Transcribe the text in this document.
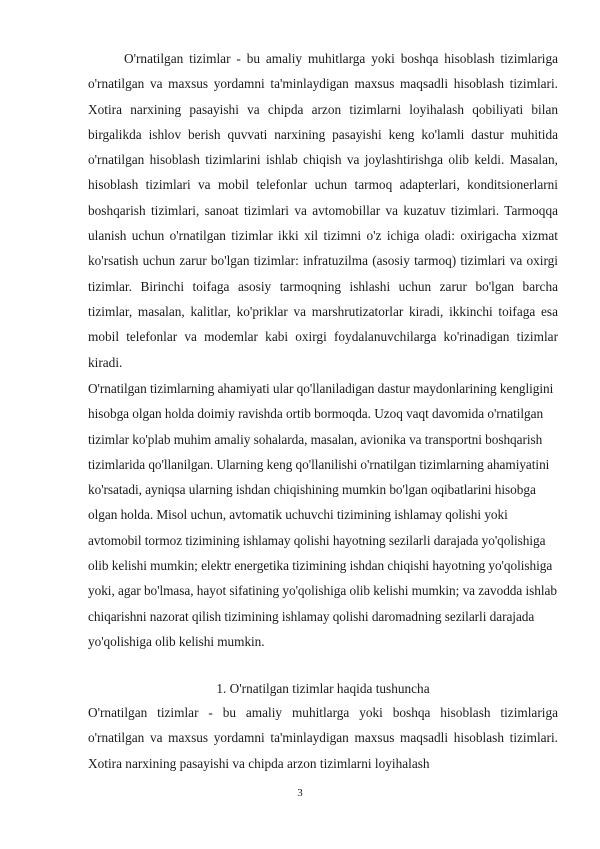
O'rnatilgan tizimlar - bu amaliy muhitlarga yoki boshqa hisoblash tizimlariga o'rnatilgan va maxsus yordamni ta'minlaydigan maxsus maqsadli hisoblash tizimlari. Xotira narxining pasayishi va chipda arzon tizimlarni loyihalash qobiliyati bilan birgalikda ishlov berish quvvati narxining pasayishi keng ko'lamli dastur muhitida o'rnatilgan hisoblash tizimlarini ishlab chiqish va joylashtirishga olib keldi. Masalan, hisoblash tizimlari va mobil telefonlar uchun tarmoq adapterlari, konditsionerlarni boshqarish tizimlari, sanoat tizimlari va avtomobillar va kuzatuv tizimlari. Tarmoqqa ulanish uchun o'rnatilgan tizimlar ikki xil tizimni o'z ichiga oladi: oxirigacha xizmat ko'rsatish uchun zarur bo'lgan tizimlar: infratuzilma (asosiy tarmoq) tizimlari va oxirgi tizimlar. Birinchi toifaga asosiy tarmoqning ishlashi uchun zarur bo'lgan barcha tizimlar, masalan, kalitlar, ko'priklar va marshrutizatorlar kiradi, ikkinchi toifaga esa mobil telefonlar va modemlar kabi oxirgi foydalanuvchilarga ko'rinadigan tizimlar kiradi.

O'rnatilgan tizimlarning ahamiyati ular qo'llaniladigan dastur maydonlarining kengligini hisobga olgan holda doimiy ravishda ortib bormoqda. Uzoq vaqt davomida o'rnatilgan tizimlar ko'plab muhim amaliy sohalarda, masalan, avionika va transportni boshqarish tizimlarida qo'llanilgan. Ularning keng qo'llanilishi o'rnatilgan tizimlarning ahamiyatini ko'rsatadi, ayniqsa ularning ishdan chiqishining mumkin bo'lgan oqibatlarini hisobga olgan holda. Misol uchun, avtomatik uchuvchi tizimining ishlamay qolishi yoki avtomobil tormoz tizimining ishlamay qolishi hayotning sezilarli darajada yo'qolishiga olib kelishi mumkin; elektr energetika tizimining ishdan chiqishi hayotning yo'qolishiga yoki, agar bo'lmasa, hayot sifatining yo'qolishiga olib kelishi mumkin; va zavodda ishlab chiqarishni nazorat qilish tizimining ishlamay qolishi daromadning sezilarli darajada yo'qolishiga olib kelishi mumkin.

1. O'rnatilgan tizimlar haqida tushuncha

O'rnatilgan tizimlar - bu amaliy muhitlarga yoki boshqa hisoblash tizimlariga o'rnatilgan va maxsus yordamni ta'minlaydigan maxsus maqsadli hisoblash tizimlari. Xotira narxining pasayishi va chipda arzon tizimlarni loyihalash

3
